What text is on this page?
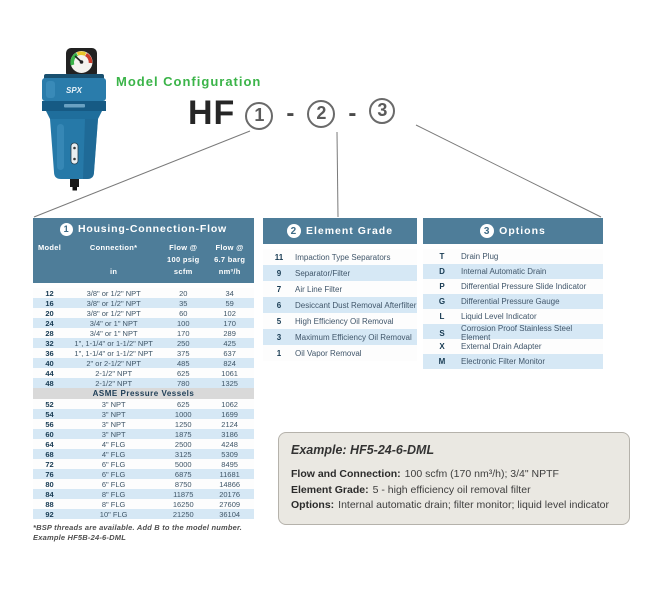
SPX
Model Configuration
HF	1 -	2 -	3
1 Housing-Connection-Flow
Model	Connection*
in
Flow @
100 psig
scfm
Flow @
6.7 barg
nm³/h
12	3/8" or 1/2" NPT	20	34
16	3/8" or 1/2" NPT	35	59
20	3/8" or 1/2" NPT	60	102
24	3/4" or 1" NPT	100	170
28	3/4" or 1" NPT	170	289
32	1", 1-1/4" or 1-1/2" NPT	250	425
36	1", 1-1/4" or 1-1/2" NPT	375	637
40	2" or 2-1/2" NPT	485	824
44	2-1/2" NPT	625	1061
48	2-1/2" NPT	780	1325
ASME Pressure Vessels
52	3" NPT	625	1062
54	3" NPT	1000	1699
56	3" NPT	1250	2124
60	3" NPT	1875	3186
64	4" FLG	2500	4248
68	4" FLG	3125	5309
72	6" FLG	5000	8495
76	6" FLG	6875	11681
80	6" FLG	8750	14866
84	8" FLG	11875	20176
88	8" FLG	16250	27609
92	10" FLG	21250	36104
2 Element Grade
11	Impaction Type Separators
9	Separator/Filter
7	Air Line Filter
6	Desiccant Dust Removal Afterfilter
5	High Efficiency Oil Removal
3	Maximum Efficiency Oil Removal
1	Oil Vapor Removal
3 Options
T	Drain Plug
D	Internal Automatic Drain
P	Differential Pressure Slide Indicator
G	Differential Pressure Gauge
L	Liquid Level Indicator
S	Corrosion Proof Stainless Steel Element
X	External Drain Adapter
M	Electronic Filter Monitor
*BSP threads are available. Add B to the model number.
Example HF5B-24-6-DML
Example: HF5-24-6-DML
Flow and Connection: 100 scfm (170 nm³/h); 3/4" NPTF
Element Grade: 5 - high efficiency oil removal filter
Options: Internal automatic drain; filter monitor; liquid level indicator
